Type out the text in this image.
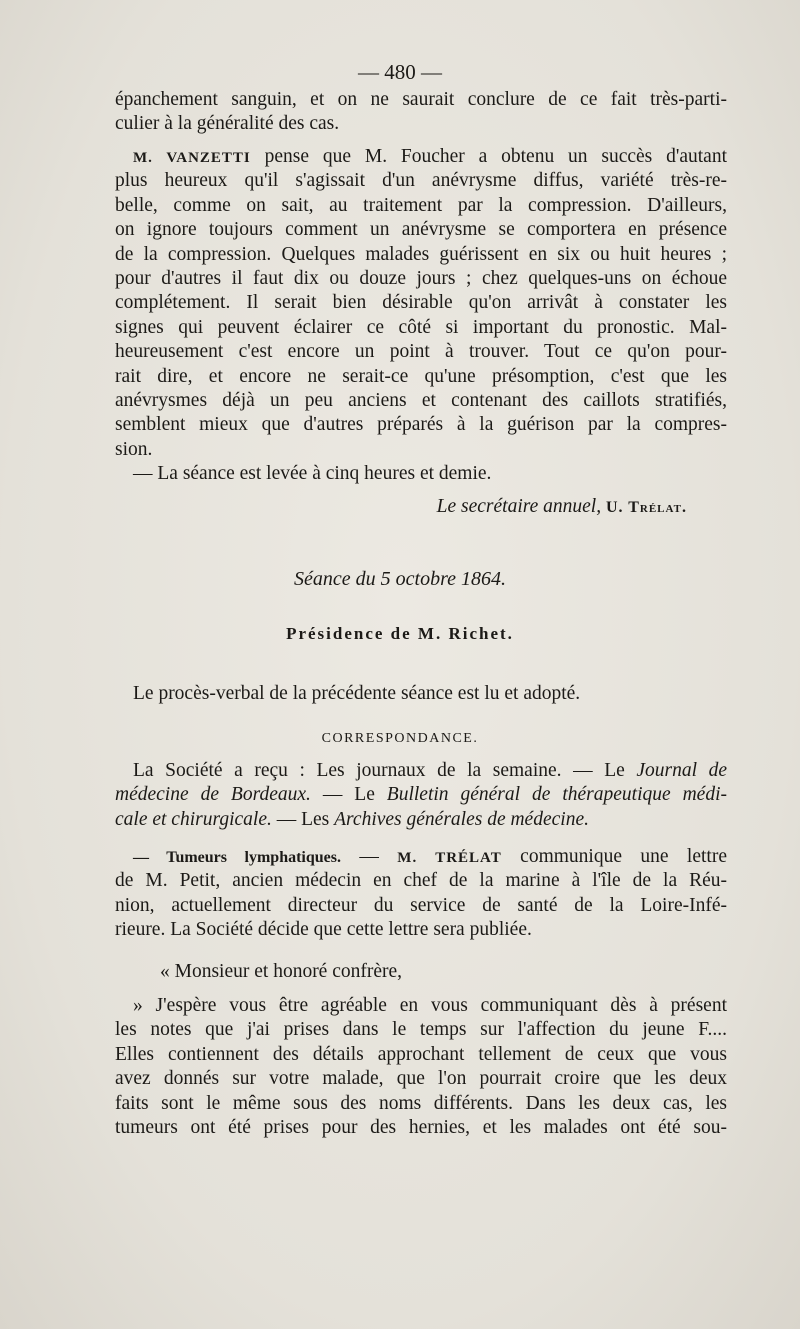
— 480 —
épanchement sanguin, et on ne saurait conclure de ce fait très-parti-
culier à la généralité des cas.
M. VANZETTI pense que M. Foucher a obtenu un succès d'autant
plus heureux qu'il s'agissait d'un anévrysme diffus, variété très-re-
belle, comme on sait, au traitement par la compression. D'ailleurs,
on ignore toujours comment un anévrysme se comportera en présence
de la compression. Quelques malades guérissent en six ou huit heures ;
pour d'autres il faut dix ou douze jours ; chez quelques-uns on échoue
complétement. Il serait bien désirable qu'on arrivât à constater les
signes qui peuvent éclairer ce côté si important du pronostic. Mal-
heureusement c'est encore un point à trouver. Tout ce qu'on pour-
rait dire, et encore ne serait-ce qu'une présomption, c'est que les
anévrysmes déjà un peu anciens et contenant des caillots stratifiés,
semblent mieux que d'autres préparés à la guérison par la compres-
sion.
— La séance est levée à cinq heures et demie.
Le secrétaire annuel, U. Trélat.
Séance du 5 octobre 1864.
Présidence de M. Richet.
Le procès-verbal de la précédente séance est lu et adopté.
CORRESPONDANCE.
La Société a reçu : Les journaux de la semaine. — Le Journal de
médecine de Bordeaux. — Le Bulletin général de thérapeutique médi-
cale et chirurgicale. — Les Archives générales de médecine.
— Tumeurs lymphatiques. — M. TRÉLAT communique une lettre
de M. Petit, ancien médecin en chef de la marine à l'île de la Réu-
nion, actuellement directeur du service de santé de la Loire-Infé-
rieure. La Société décide que cette lettre sera publiée.
« Monsieur et honoré confrère,
» J'espère vous être agréable en vous communiquant dès à présent
les notes que j'ai prises dans le temps sur l'affection du jeune F....
Elles contiennent des détails approchant tellement de ceux que vous
avez donnés sur votre malade, que l'on pourrait croire que les deux
faits sont le même sous des noms différents. Dans les deux cas, les
tumeurs ont été prises pour des hernies, et les malades ont été sou-
